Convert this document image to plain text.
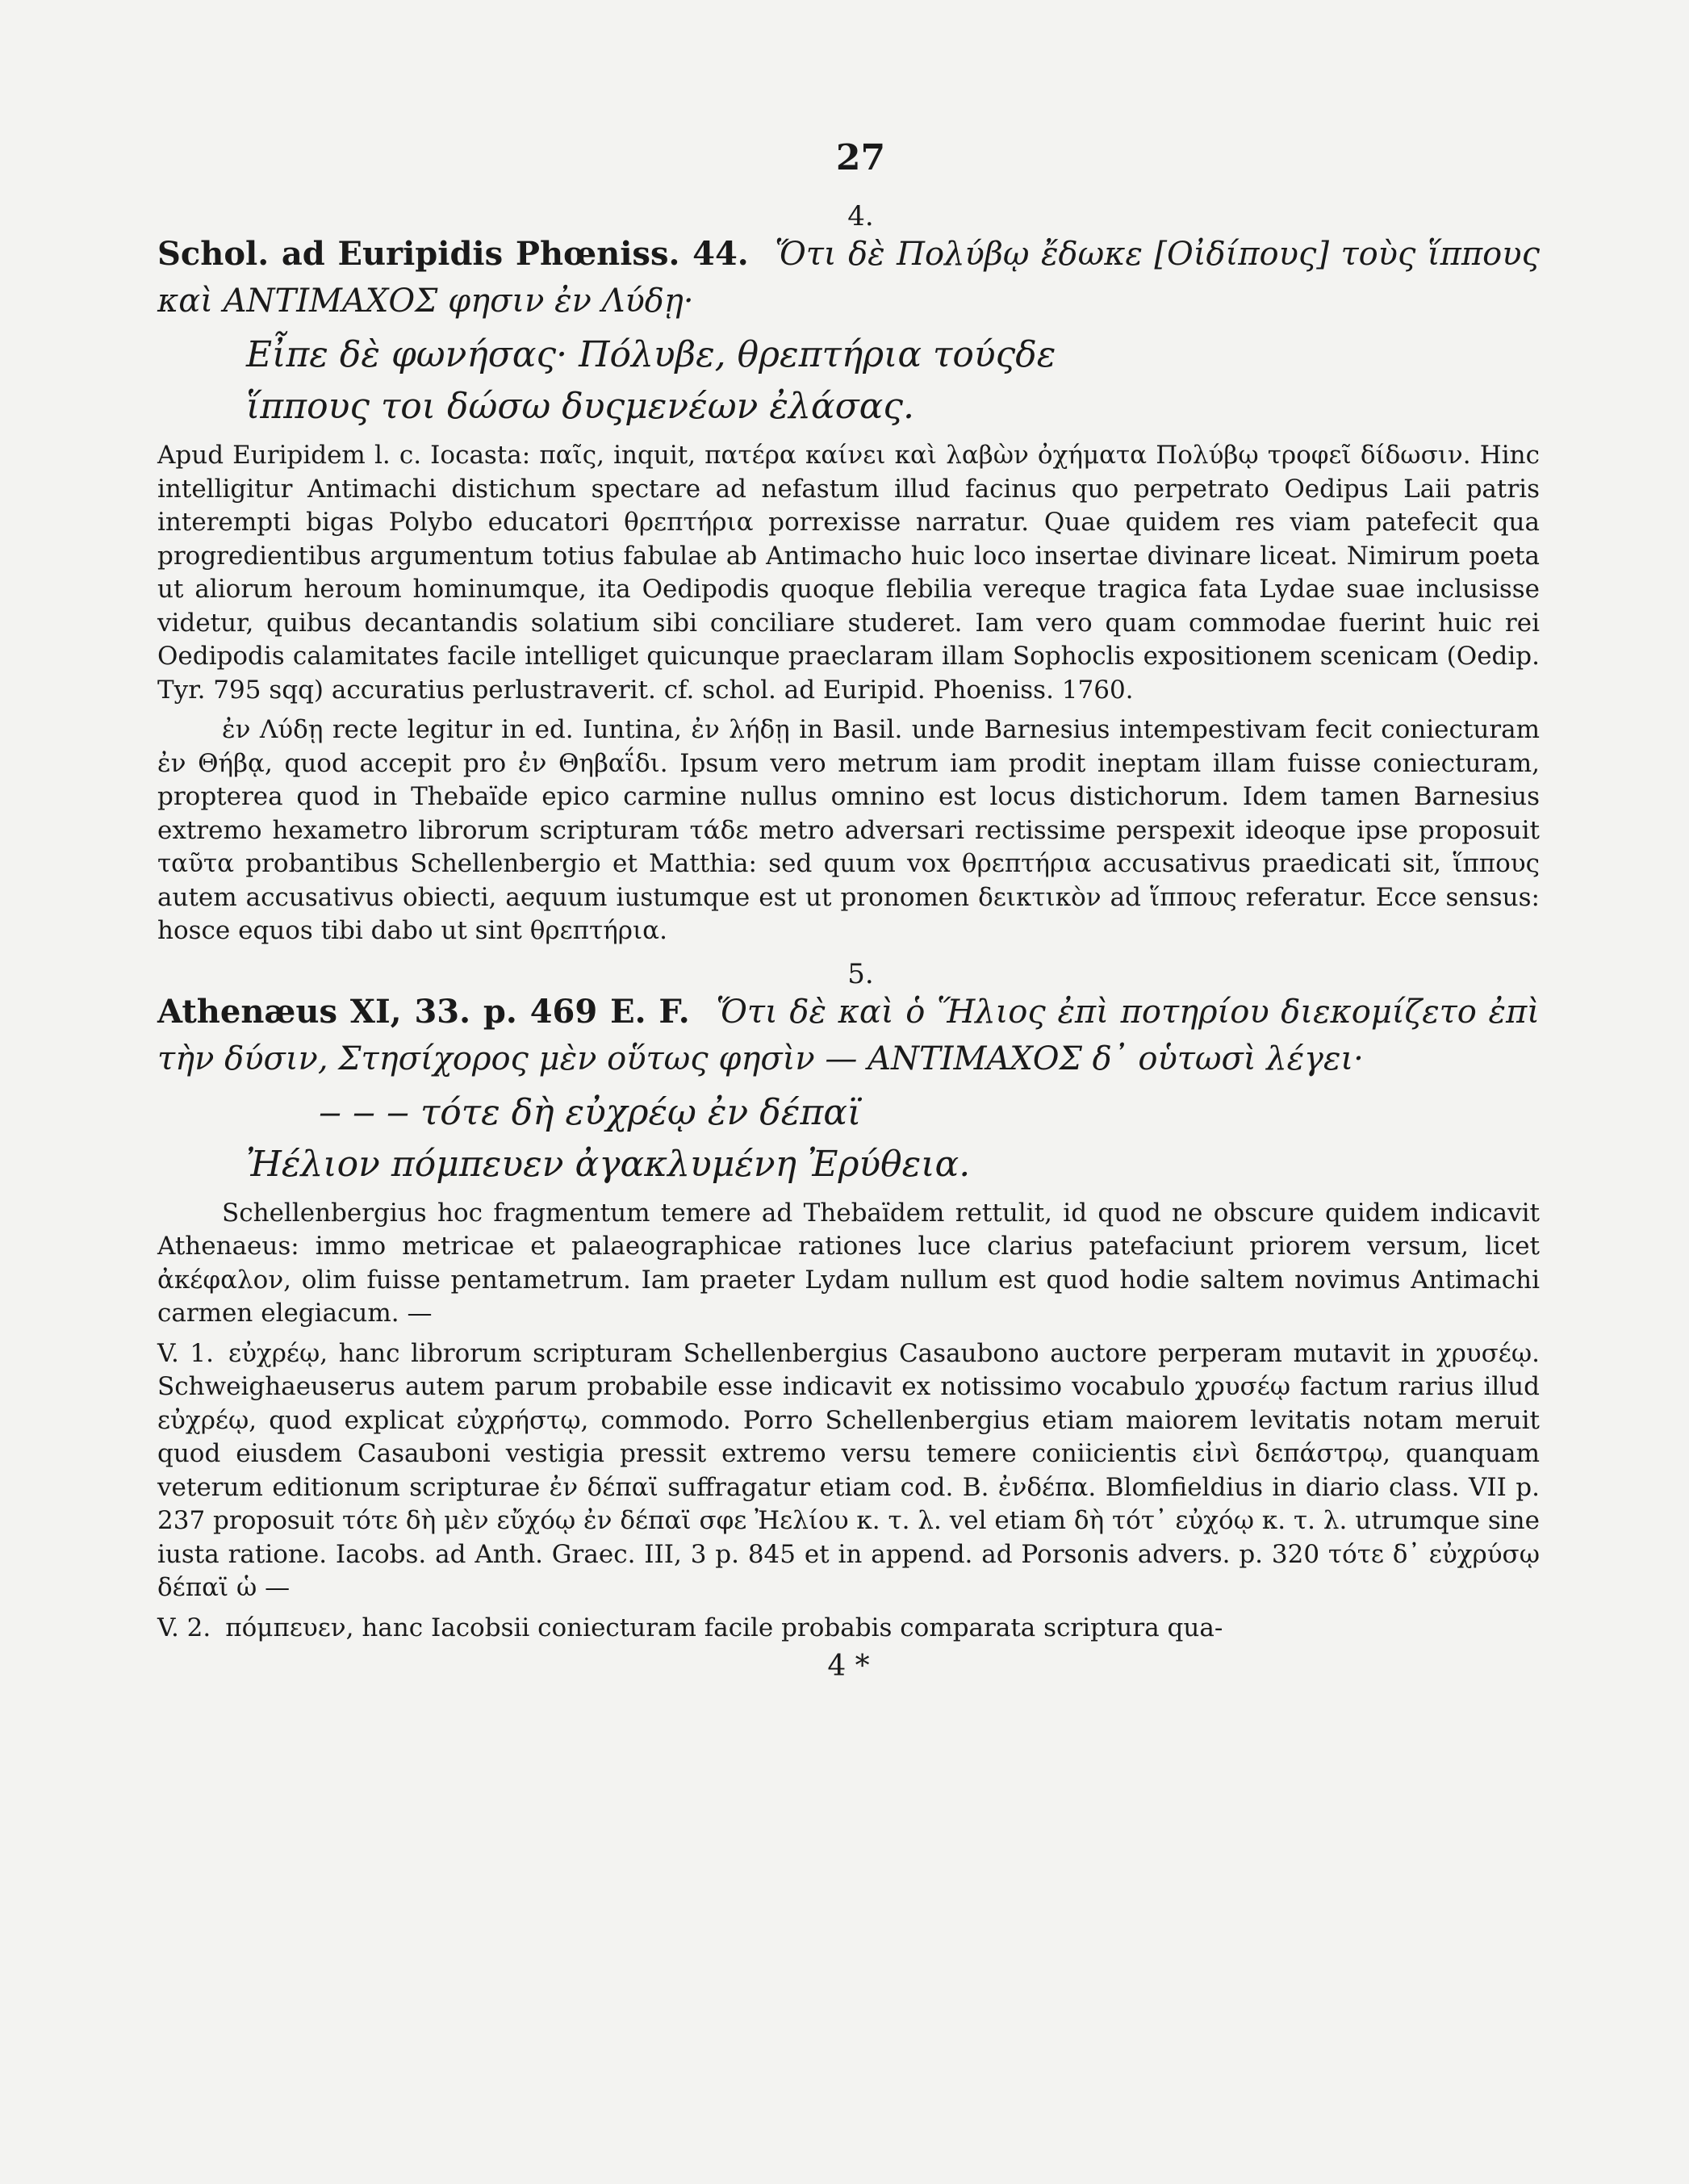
27
4.

Schol. ad Euripidis Phœniss. 44. Ὅτι δὲ Πολύβῳ ἔδωκε [Οἰδίπους] τοὺς ἵππους καὶ ΑΝΤΙΜΑΧΟΣ φησιν ἐν Λύδῃ·

Εἶπε δὲ φωνήσας· Πόλυβε, θρεπτήρια τούςδε
ἵππους τοι δώσω δυςμενέων ἐλάσας.

Apud Euripidem l. c. Iocasta: παῖς, inquit, πατέρα καίνει καὶ λαβὼν ὀχήματα Πολύβῳ τροφεῖ δίδωσιν. Hinc intelligitur Antimachi distichum spectare ad nefastum illud facinus quo perpetrato Oedipus Laii patris interempti bigas Polybo educatori θρεπτήρια porrexisse narratur. Quae quidem res viam patefecit qua progredientibus argumentum totius fabulae ab Antimacho huic loco insertae divinare liceat. Nimirum poeta ut aliorum heroum hominumque, ita Oedipodis quoque flebilia vereque tragica fata Lydae suae inclusisse videtur, quibus decantandis solatium sibi conciliare studeret. Iam vero quam commodae fuerint huic rei Oedipodis calamitates facile intelliget quicunque praeclaram illam Sophoclis expositionem scenicam (Oedip. Tyr. 795 sqq) accuratius perlustraverit. cf. schol. ad Euripid. Phoeniss. 1760.

ἐν Λύδῃ recte legitur in ed. Iuntina, ἐν λήδῃ in Basil. unde Barnesius intempestivam fecit coniecturam ἐν Θήβᾳ, quod accepit pro ἐν Θηβαΐδι. Ipsum vero metrum iam prodit ineptam illam fuisse coniecturam, propterea quod in Thebaïde epico carmine nullus omnino est locus distichorum. Idem tamen Barnesius extremo hexametro librorum scripturam τάδε metro adversari rectissime perspexit ideoque ipse proposuit ταῦτα probantibus Schellenbergio et Matthia: sed quum vox θρεπτήρια accusativus praedicati sit, ἵππους autem accusativus obiecti, aequum iustumque est ut pronomen δεικτικὸν ad ἵππους referatur. Ecce sensus: hosce equos tibi dabo ut sint θρεπτήρια.

5.

Athenæus XI, 33. p. 469 E. F. Ὅτι δὲ καὶ ὁ Ἥλιος ἐπὶ ποτηρίου διεκομίζετο ἐπὶ τὴν δύσιν, Στησίχορος μὲν οὕτως φησὶν — ΑΝΤΙΜΑΧΟΣ δ᾽ οὑτωσὶ λέγει·

‒ ‒ ‒ τότε δὴ εὐχρέῳ ἐν δέπαϊ
Ἠέλιον πόμπευεν ἀγακλυμένη Ἐρύθεια.

Schellenbergius hoc fragmentum temere ad Thebaïdem rettulit, id quod ne obscure quidem indicavit Athenaeus: immo metricae et palaeographicae rationes luce clarius patefaciunt priorem versum, licet ἀκέφαλον, olim fuisse pentametrum. Iam praeter Lydam nullum est quod hodie saltem novimus Antimachi carmen elegiacum. —

V. 1. εὐχρέῳ, hanc librorum scripturam Schellenbergius Casaubono auctore perperam mutavit in χρυσέῳ. Schweighaeuserus autem parum probabile esse indicavit ex notissimo vocabulo χρυσέῳ factum rarius illud εὐχρέῳ, quod explicat εὐχρήστῳ, commodo. Porro Schellenbergius etiam maiorem levitatis notam meruit quod eiusdem Casauboni vestigia pressit extremo versu temere coniicientis εἰνὶ δεπάστρῳ, quanquam veterum editionum scripturae ἐν δέπαϊ suffragatur etiam cod. B. ἐνδέπα. Blomfieldius in diario class. VII p. 237 proposuit τότε δὴ μὲν εὔχόῳ ἐν δέπαϊ σφε Ἠελίου κ. τ. λ. vel etiam δὴ τότ᾽ εὐχόῳ κ. τ. λ. utrumque sine iusta ratione. Iacobs. ad Anth. Graec. III, 3 p. 845 et in append. ad Porsonis advers. p. 320 τότε δ᾽ εὐχρύσῳ δέπαϊ ὡ —

V. 2. πόμπευεν, hanc Iacobsii coniecturam facile probabis comparata scriptura qua-

4 *
